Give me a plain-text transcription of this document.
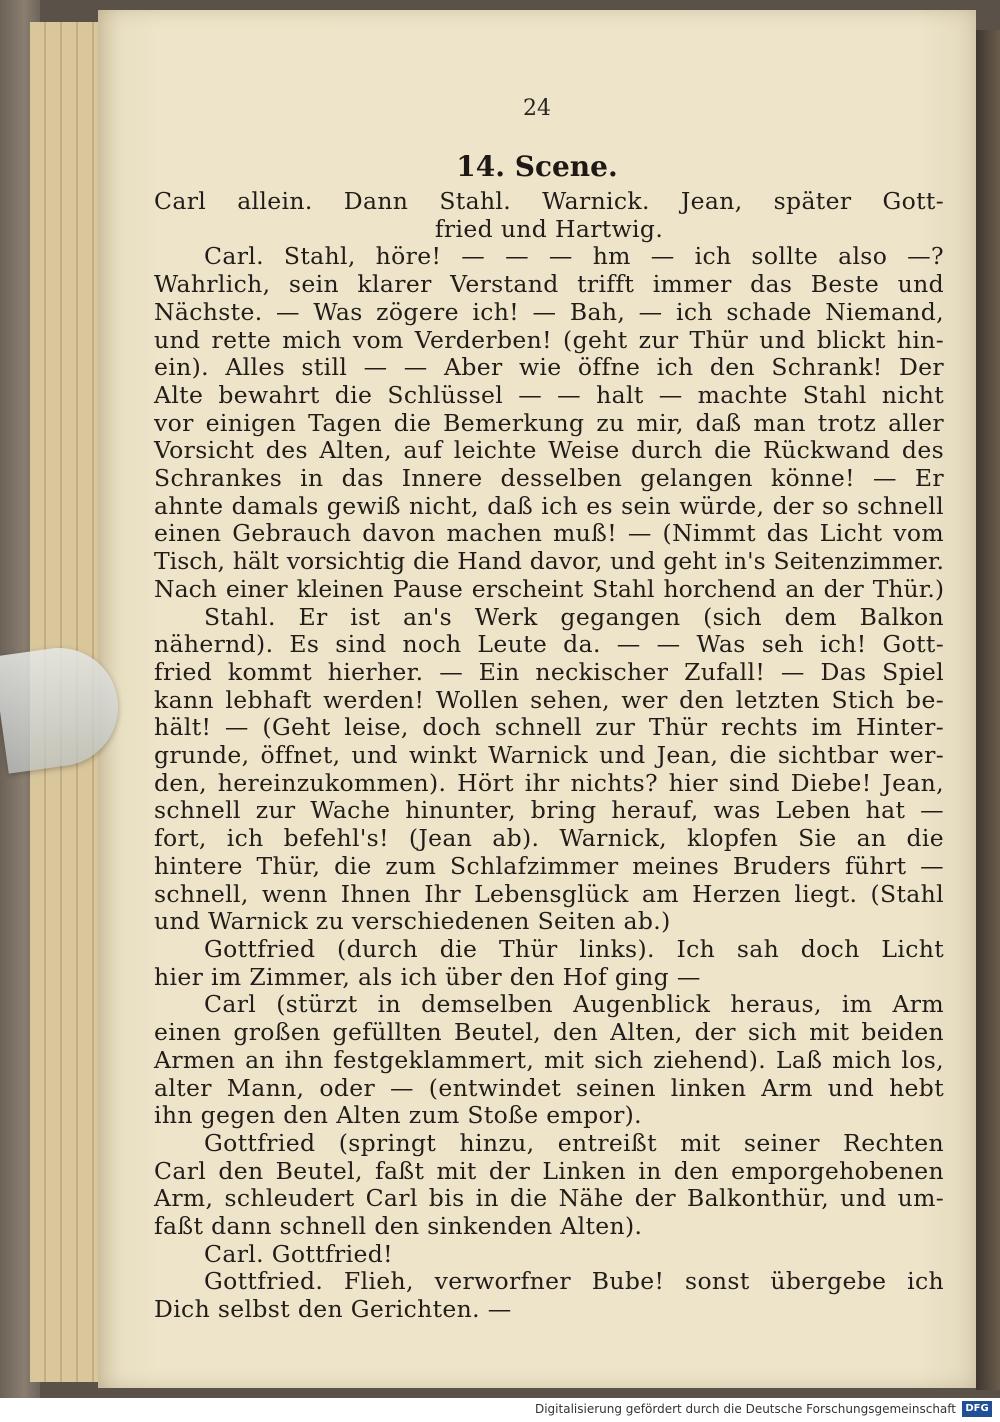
24
14. Scene.
Carl allein. Dann Stahl. Warnick. Jean, später Gott-
fried und Hartwig.
Carl. Stahl, höre! — — — hm — ich sollte also —?
Wahrlich, sein klarer Verstand trifft immer das Beste und
Nächste. — Was zögere ich! — Bah, — ich schade Niemand,
und rette mich vom Verderben! (geht zur Thür und blickt hin-
ein). Alles still — — Aber wie öffne ich den Schrank! Der
Alte bewahrt die Schlüssel — — halt — machte Stahl nicht
vor einigen Tagen die Bemerkung zu mir, daß man trotz aller
Vorsicht des Alten, auf leichte Weise durch die Rückwand des
Schrankes in das Innere desselben gelangen könne! — Er
ahnte damals gewiß nicht, daß ich es sein würde, der so schnell
einen Gebrauch davon machen muß! — (Nimmt das Licht vom
Tisch, hält vorsichtig die Hand davor, und geht in's Seitenzimmer.
Nach einer kleinen Pause erscheint Stahl horchend an der Thür.)
Stahl. Er ist an's Werk gegangen (sich dem Balkon
nähernd). Es sind noch Leute da. — — Was seh ich! Gott-
fried kommt hierher. — Ein neckischer Zufall! — Das Spiel
kann lebhaft werden! Wollen sehen, wer den letzten Stich be-
hält! — (Geht leise, doch schnell zur Thür rechts im Hinter-
grunde, öffnet, und winkt Warnick und Jean, die sichtbar wer-
den, hereinzukommen). Hört ihr nichts? hier sind Diebe! Jean,
schnell zur Wache hinunter, bring herauf, was Leben hat —
fort, ich befehl's! (Jean ab). Warnick, klopfen Sie an die
hintere Thür, die zum Schlafzimmer meines Bruders führt —
schnell, wenn Ihnen Ihr Lebensglück am Herzen liegt. (Stahl
und Warnick zu verschiedenen Seiten ab.)
Gottfried (durch die Thür links). Ich sah doch Licht
hier im Zimmer, als ich über den Hof ging —
Carl (stürzt in demselben Augenblick heraus, im Arm
einen großen gefüllten Beutel, den Alten, der sich mit beiden
Armen an ihn festgeklammert, mit sich ziehend). Laß mich los,
alter Mann, oder — (entwindet seinen linken Arm und hebt
ihn gegen den Alten zum Stoße empor).
Gottfried (springt hinzu, entreißt mit seiner Rechten
Carl den Beutel, faßt mit der Linken in den emporgehobenen
Arm, schleudert Carl bis in die Nähe der Balkonthür, und um-
faßt dann schnell den sinkenden Alten).
Carl. Gottfried!
Gottfried. Flieh, verworfner Bube! sonst übergebe ich
Dich selbst den Gerichten. —
Digitalisierung gefördert durch die Deutsche Forschungsgemeinschaft DFG
